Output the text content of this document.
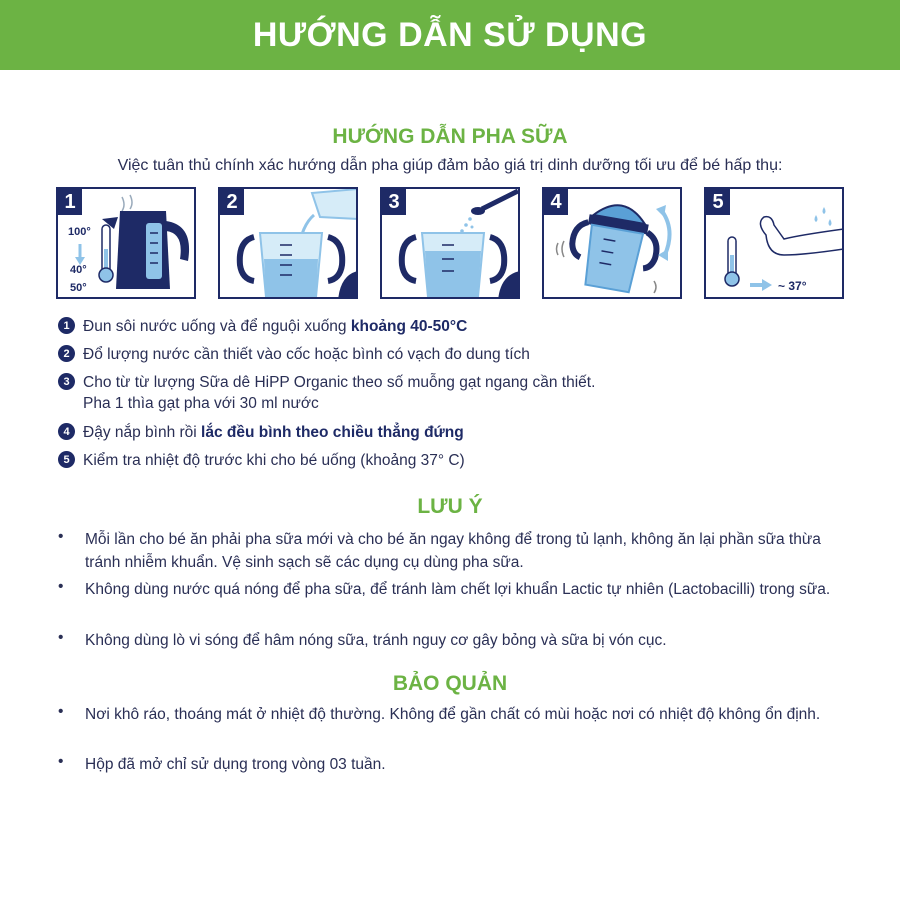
HƯỚNG DẪN SỬ DỤNG
HƯỚNG DẪN PHA SỮA
Việc tuân thủ chính xác hướng dẫn pha giúp đảm bảo giá trị dinh dưỡng tối ưu để bé hấp thụ:
100°
40°
50°
1	2	3	4
~ 37°
5
1 Đun sôi nước uống và để nguội xuống khoảng 40-50°C
2 Đổ lượng nước cần thiết vào cốc hoặc bình có vạch đo dung tích
3 Cho từ từ lượng Sữa dê HiPP Organic theo số muỗng gạt ngang cần thiết.
Pha 1 thìa gạt pha với 30 ml nước
4 Đậy nắp bình rồi lắc đều bình theo chiều thẳng đứng
5 Kiểm tra nhiệt độ trước khi cho bé uống (khoảng 37° C)
LƯU Ý
•	Mỗi lần cho bé ăn phải pha sữa mới và cho bé ăn ngay không để trong tủ lạnh, không ăn lại phần sữa thừa tránh nhiễm khuẩn. Vệ sinh sạch sẽ các dụng cụ dùng pha sữa.
•	Không dùng nước quá nóng để pha sữa, để tránh làm chết lợi khuẩn Lactic tự nhiên (Lactobacilli) trong sữa.
•	Không dùng lò vi sóng để hâm nóng sữa, tránh nguy cơ gây bỏng và sữa bị vón cục.
BẢO QUẢN
•	Nơi khô ráo, thoáng mát ở nhiệt độ thường. Không để gần chất có mùi hoặc nơi có nhiệt độ không ổn định.
•	Hộp đã mở chỉ sử dụng trong vòng 03 tuần.
